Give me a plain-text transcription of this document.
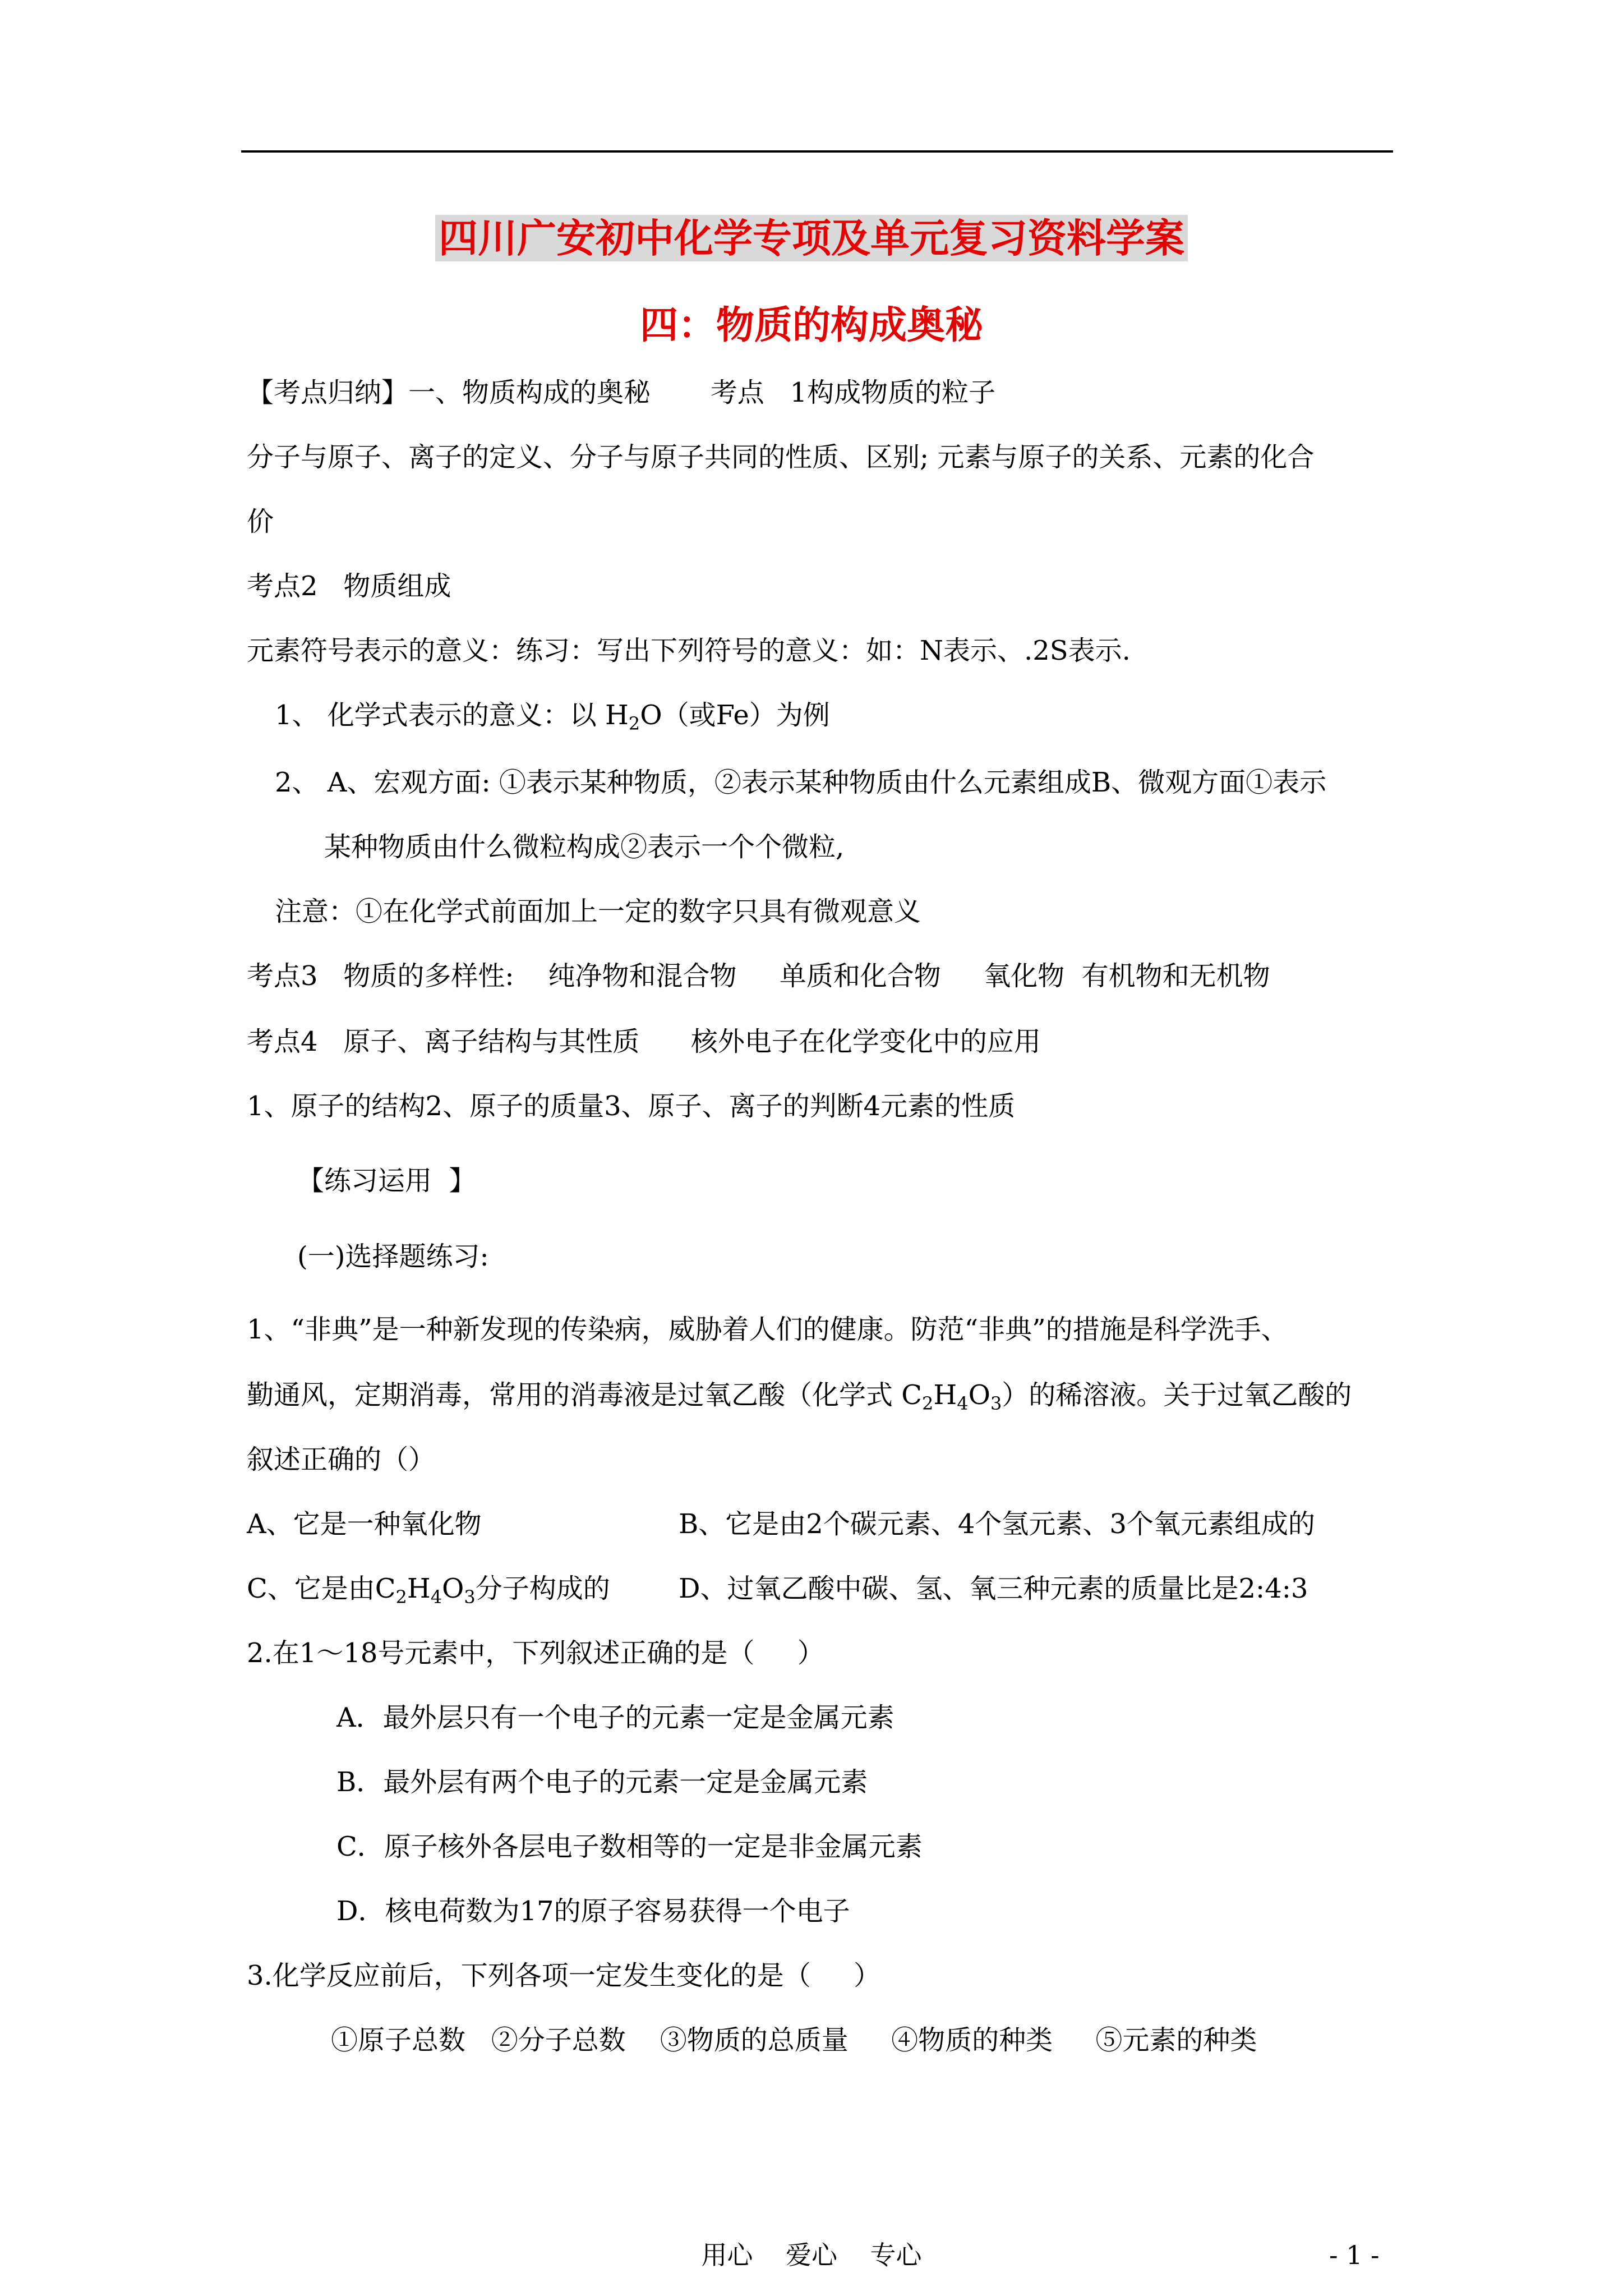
四川广安初中化学专项及单元复习资料学案
四：物质的构成奥秘
【考点归纳】一、物质构成的奥秘       考点   1构成物质的粒子
分子与原子、离子的定义、分子与原子共同的性质、区别; 元素与原子的关系、元素的化合
价
考点2   物质组成
元素符号表示的意义：练习：写出下列符号的意义：如：N表示、.2S表示.
1、 化学式表示的意义：以 $H_2O$（或Fe）为例
2、 A、宏观方面: ①表示某种物质，②表示某种物质由什么元素组成B、微观方面①表示
某种物质由什么微粒构成②表示一个个微粒,
注意：①在化学式前面加上一定的数字只具有微观意义
考点3   物质的多样性:    纯净物和混合物     单质和化合物     氧化物  有机物和无机物
考点4   原子、离子结构与其性质      核外电子在化学变化中的应用
1、原子的结构2、原子的质量3、原子、离子的判断4元素的性质
【练习运用  】
(一)选择题练习:
1、“非典”是一种新发现的传染病，威胁着人们的健康。防范“非典”的措施是科学洗手、
勤通风，定期消毒，常用的消毒液是过氧乙酸（化学式 $C_2H_4O_3$）的稀溶液。关于过氧乙酸的
叙述正确的（）
A、它是一种氧化物	B、它是由2个碳元素、4个氢元素、3个氧元素组成的
C、它是由$C_2H_4O_3$分子构成的	D、过氧乙酸中碳、氢、氧三种元素的质量比是2:4:3
2.在1～18号元素中，下列叙述正确的是（     ）
A．最外层只有一个电子的元素一定是金属元素
B．最外层有两个电子的元素一定是金属元素
C．原子核外各层电子数相等的一定是非金属元素
D．核电荷数为17的原子容易获得一个电子
3.化学反应前后，下列各项一定发生变化的是（     ）
①原子总数   ②分子总数    ③物质的总质量     ④物质的种类     ⑤元素的种类
用心    爱心    专心	- 1 -
